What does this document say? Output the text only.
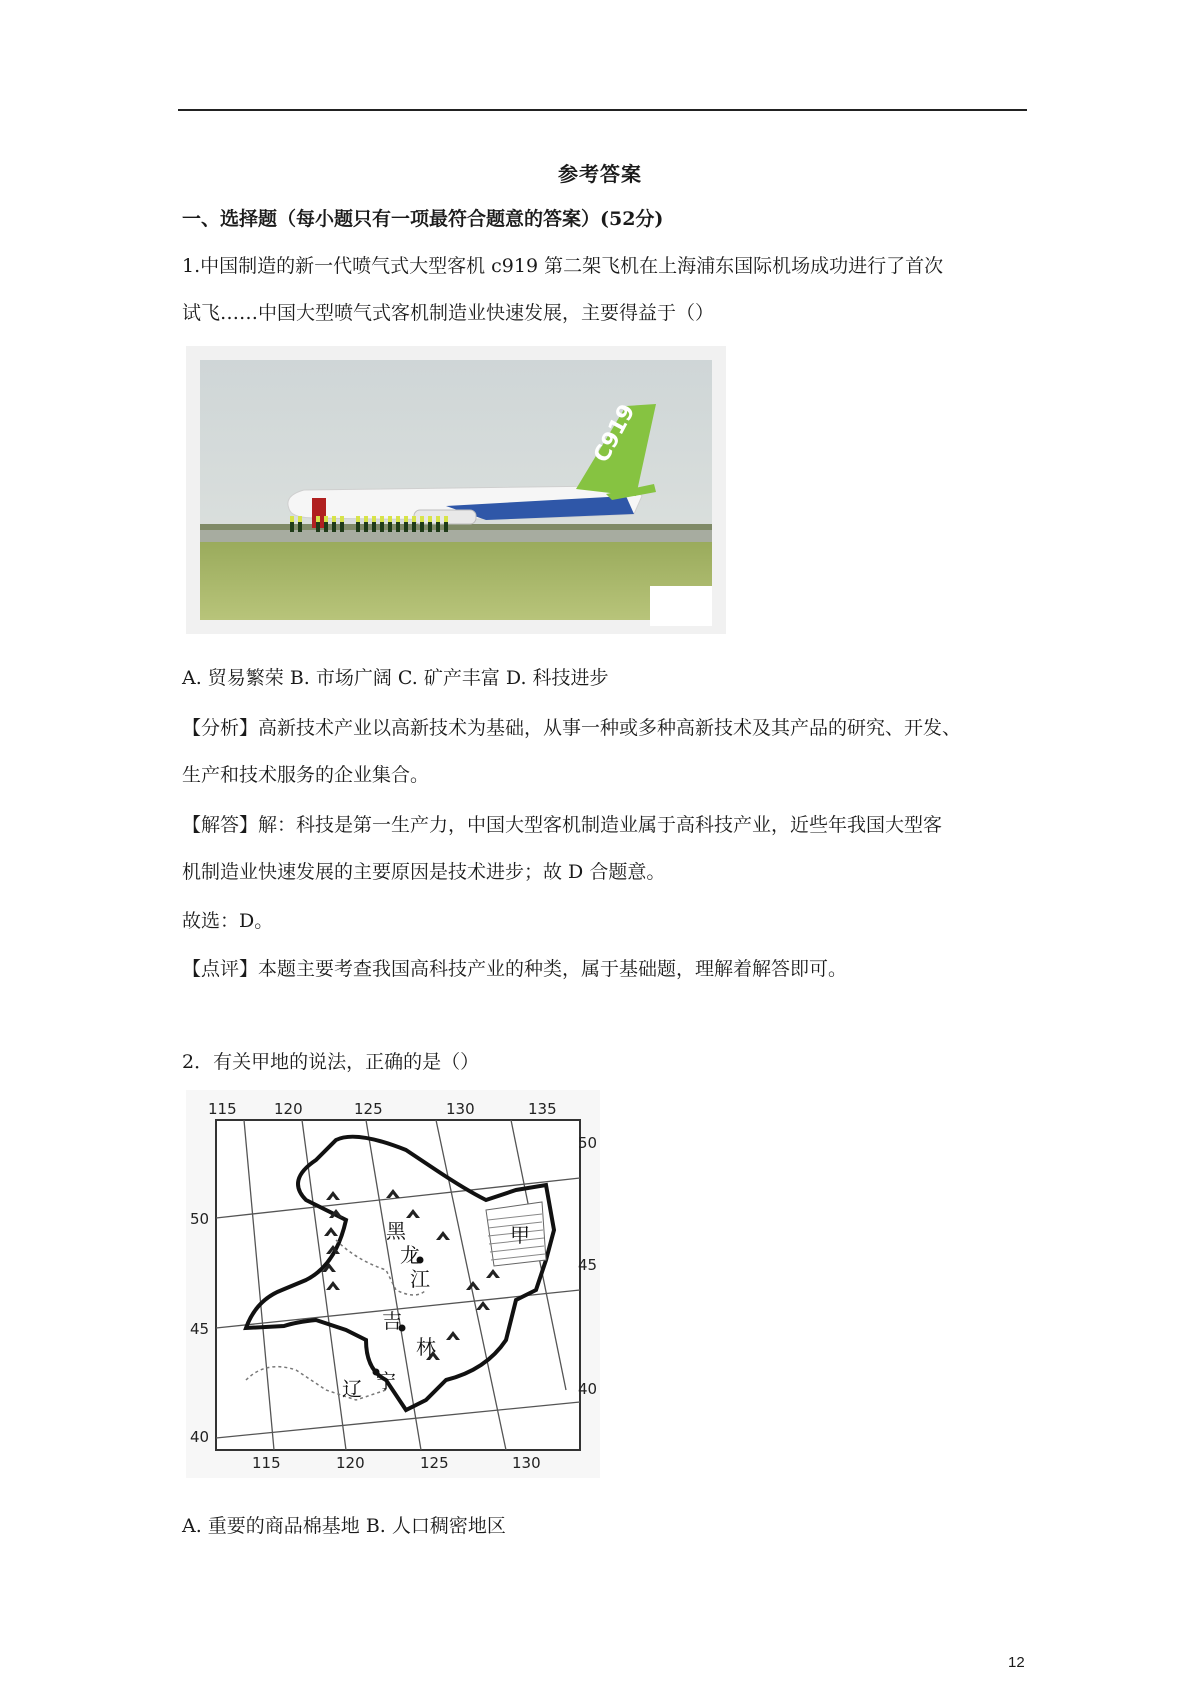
参考答案
一、选择题（每小题只有一项最符合题意的答案）(52分)
1.中国制造的新一代喷气式大型客机 c919 第二架飞机在上海浦东国际机场成功进行了首次
试飞……中国大型喷气式客机制造业快速发展，主要得益于（）
C919
A. 贸易繁荣 B. 市场广阔 C. 矿产丰富 D. 科技进步
【分析】高新技术产业以高新技术为基础，从事一种或多种高新技术及其产品的研究、开发、
生产和技术服务的企业集合。
【解答】解：科技是第一生产力，中国大型客机制造业属于高科技产业，近些年我国大型客
机制造业快速发展的主要原因是技术进步；故 D 合题意。
故选：D。
【点评】本题主要考查我国高科技产业的种类，属于基础题，理解着解答即可。
2．有关甲地的说法，正确的是（）
115 120	125	130	135
115	120	125	130
50
45
40
50
45
40
黑
龙
江
吉
林
辽 宁
甲
A. 重要的商品棉基地 B. 人口稠密地区
12
